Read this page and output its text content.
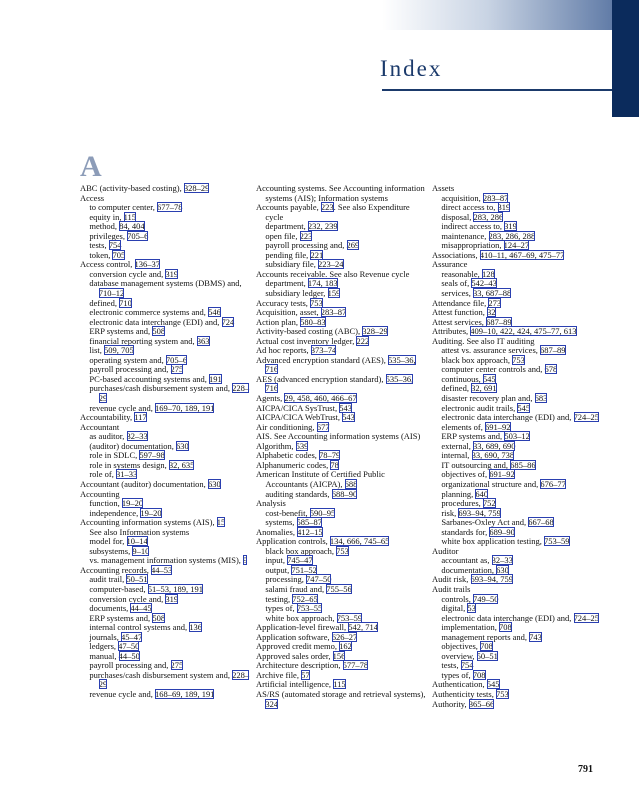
Index
A
ABC (activity-based costing), 328–29
Access
to computer center, 677–78
equity in, 115
method, 84, 404
privileges, 705–6
tests, 754
token, 705
Access control, 136–37
conversion cycle and, 319
database management systems (DBMS) and, 710–12
defined, 710
electronic commerce systems and, 546
electronic data interchange (EDI) and, 724
ERP systems and, 508
financial reporting system and, 363
list, 509, 705
operating system and, 705–6
payroll processing and, 275
PC-based accounting systems and, 191
purchases/cash disbursement system and, 228–29
revenue cycle and, 169–70, 189, 191
Accountability, 117
Accountant
as auditor, 32–33
(auditor) documentation, 630
role in SDLC, 597–98
role in systems design, 32, 635
role of, 31–33
Accountant (auditor) documentation, 630
Accounting
function, 19–20
independence, 19–20
Accounting information systems (AIS), 15
See also Information systems
model for, 10–14
subsystems, 9–10
vs. management information systems (MIS), 9
Accounting records, 44–53
audit trail, 50–51
computer-based, 51–53, 189, 191
conversion cycle and, 319
documents, 44–45
ERP systems and, 508
internal control systems and, 136
journals, 45–47
ledgers, 47–50
manual, 44–50
payroll processing and, 275
purchases/cash disbursement system and, 228–29
revenue cycle and, 168–69, 189, 191
Accounting systems. See Accounting information systems (AIS); Information systems
Accounts payable, 223. See also Expenditure cycle
department, 232, 239
open file, 223
payroll processing and, 269
pending file, 221
subsidiary file, 223–24
Accounts receivable. See also Revenue cycle
department, 174, 183
subsidiary ledger, 159
Accuracy tests, 753
Acquisition, asset, 283–87
Action plan, 580–83
Activity-based costing (ABC), 328–29
Actual cost inventory ledger, 222
Ad hoc reports, 373–74
Advanced encryption standard (AES), 535–36, 716
AES (advanced encryption standard), 535–36, 716
Agents, 29, 458, 460, 466–67
AICPA/CICA SysTrust, 543
AICPA/CICA WebTrust, 543
Air conditioning, 677
AIS. See Accounting information systems (AIS)
Algorithm, 539
Alphabetic codes, 78–79
Alphanumeric codes, 78
American Institute of Certified Public Accountants (AICPA), 688
auditing standards, 688–90
Analysis
cost-benefit, 590–95
systems, 585–87
Anomalies, 412–15
Application controls, 134, 666, 745–65
black box approach, 753
input, 745–47
output, 751–52
processing, 747–50
salami fraud and, 755–56
testing, 752–65
types of, 753–55
white box approach, 753–59
Application-level firewall, 542, 714
Application software, 626–27
Approved credit memo, 162
Approved sales order, 156
Architecture description, 577–78
Archive file, 57
Artificial intelligence, 115
AS/RS (automated storage and retrieval systems), 324
Assets
acquisition, 283–87
direct access to, 319
disposal, 283, 286
indirect access to, 319
maintenance, 283, 286, 288
misappropriation, 124–27
Associations, 410–11, 467–69, 475–77
Assurance
reasonable, 128
seals of, 542–43
services, 33, 687–88
Attendance file, 273
Attest function, 32
Attest services, 687–89
Attributes, 409–10, 422, 424, 475–77, 613
Auditing. See also IT auditing
attest vs. assurance services, 687–89
black box approach, 753
computer center controls and, 678
continuous, 545
defined, 32, 691
disaster recovery plan and, 683
electronic audit trails, 545
electronic data interchange (EDI) and, 724–25
elements of, 691–92
ERP systems and, 503–12
external, 33, 689, 690
internal, 33, 690, 738
IT outsourcing and, 685–86
objectives of, 691–92
organizational structure and, 676–77
planning, 640
procedures, 752
risk, 693–94, 759
Sarbanes-Oxley Act and, 667–68
standards for, 689–90
white box application testing, 753–59
Auditor
accountant as, 32–33
documentation, 630
Audit risk, 693–94, 759
Audit trails
controls, 749–50
digital, 53
electronic data interchange (EDI) and, 724–25
implementation, 708
management reports and, 743
objectives, 708
overview, 50–51
tests, 754
types of, 708
Authentication, 545
Authenticity tests, 753
Authority, 365–66
791
